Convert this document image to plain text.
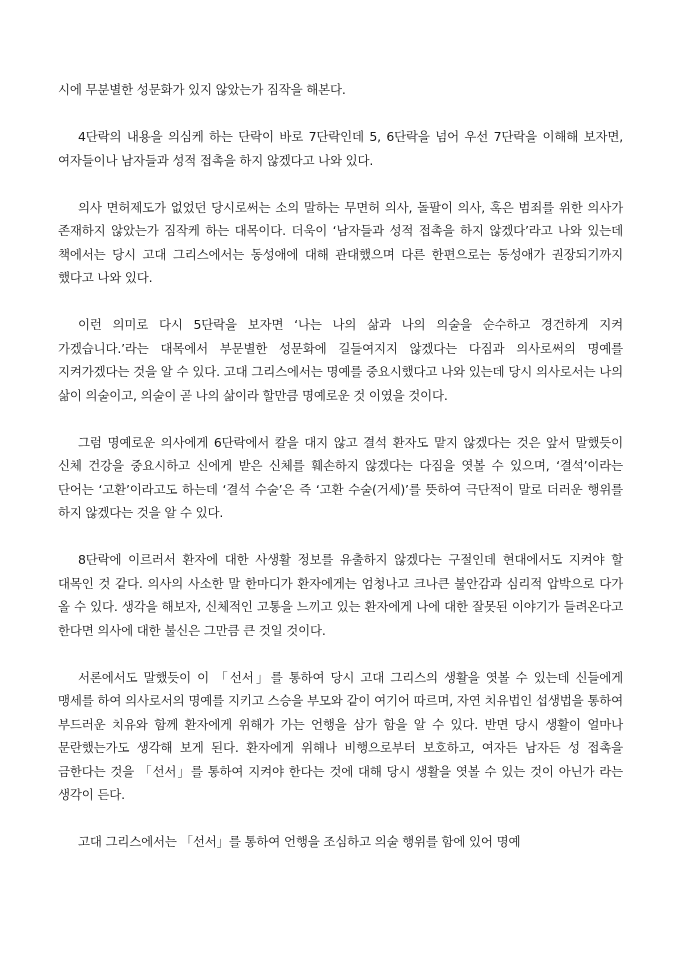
시에 무분별한 성문화가 있지 않았는가 짐작을 해본다.

4단락의 내용을 의심케 하는 단락이 바로 7단락인데 5, 6단락을 넘어 우선 7단락을 이해해 보자면, 여자들이나 남자들과 성적 접촉을 하지 않겠다고 나와 있다.

의사 면허제도가 없었던 당시로써는 소의 말하는 무면허 의사, 돌팔이 의사, 혹은 범죄를 위한 의사가 존재하지 않았는가 짐작케 하는 대목이다. 더욱이 ‘남자들과 성적 접촉을 하지 않겠다’라고 나와 있는데 책에서는 당시 고대 그리스에서는 동성애에 대해 관대했으며 다른 한편으로는 동성애가 권장되기까지 했다고 나와 있다.

이런 의미로 다시 5단락을 보자면 ‘나는 나의 삶과 나의 의술을 순수하고 경건하게 지켜 가겠습니다.’라는 대목에서 부문별한 성문화에 길들여지지 않겠다는 다짐과 의사로써의 명예를 지켜가겠다는 것을 알 수 있다. 고대 그리스에서는 명예를 중요시했다고 나와 있는데 당시 의사로서는 나의 삶이 의술이고, 의술이 곧 나의 삶이라 할만큼 명예로운 것 이였을 것이다.

그럼 명예로운 의사에게 6단락에서 칼을 대지 않고 결석 환자도 맡지 않겠다는 것은 앞서 말했듯이 신체 건강을 중요시하고 신에게 받은 신체를 훼손하지 않겠다는 다짐을 엿볼 수 있으며, ‘결석’이라는 단어는 ‘고환’이라고도 하는데 ‘결석 수술’은 즉 ‘고환 수술(거세)’를 뜻하여 극단적이 말로 더러운 행위를 하지 않겠다는 것을 알 수 있다.

8단락에 이르러서 환자에 대한 사생활 정보를 유출하지 않겠다는 구절인데 현대에서도 지켜야 할 대목인 것 같다. 의사의 사소한 말 한마디가 환자에게는 엄청나고 크나큰 불안감과 심리적 압박으로 다가 올 수 있다. 생각을 해보자, 신체적인 고통을 느끼고 있는 환자에게 나에 대한 잘못된 이야기가 들려온다고 한다면 의사에 대한 불신은 그만큼 큰 것일 것이다.

서론에서도 말했듯이 이 「선서」를 통하여 당시 고대 그리스의 생활을 엿볼 수 있는데 신들에게 맹세를 하여 의사로서의 명예를 지키고 스승을 부모와 같이 여기어 따르며, 자연 치유법인 섭생법을 통하여 부드러운 치유와 함께 환자에게 위해가 가는 언행을 삼가 함을 알 수 있다. 반면 당시 생활이 얼마나 문란했는가도 생각해 보게 된다. 환자에게 위해나 비행으로부터 보호하고, 여자든 남자든 성 접촉을 금한다는 것을 「선서」를 통하여 지켜야 한다는 것에 대해 당시 생활을 엿볼 수 있는 것이 아닌가 라는 생각이 든다.

고대 그리스에서는 「선서」를 통하여 언행을 조심하고 의술 행위를 함에 있어 명예
